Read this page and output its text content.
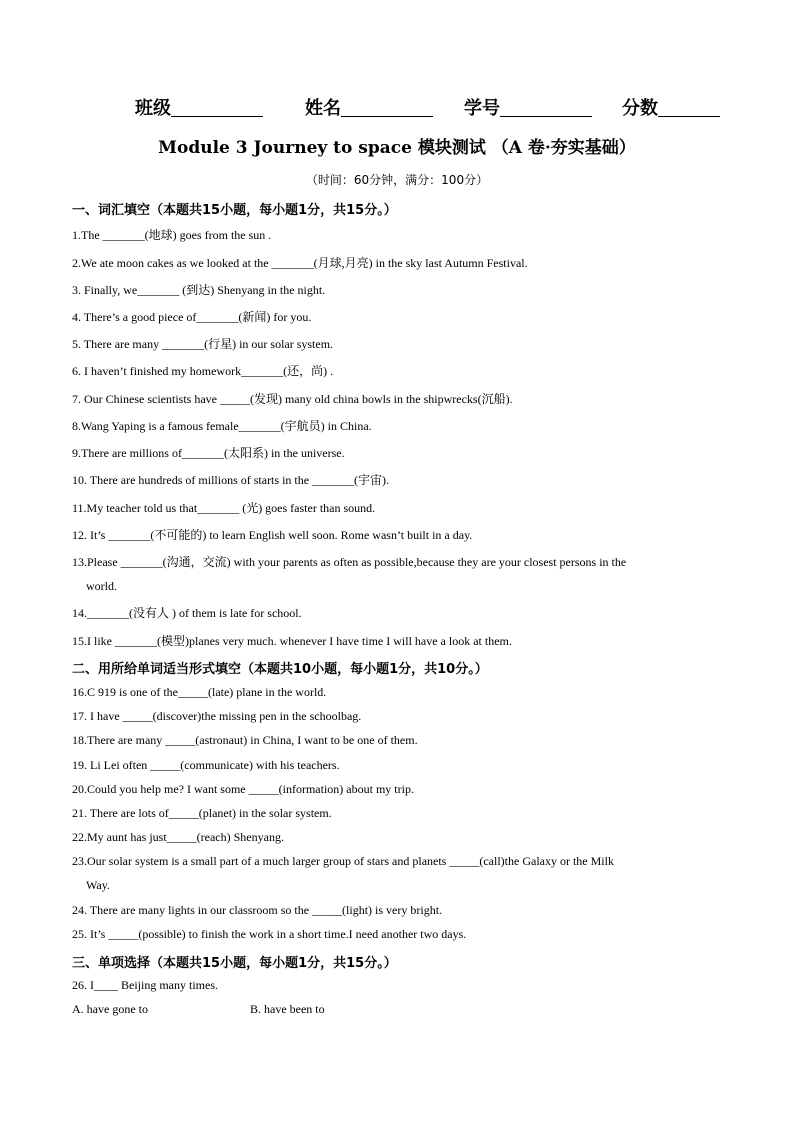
班级	姓名	学号	分数
Module 3 Journey to space 模块测试 （A 卷·夯实基础）
（时间：60分钟，满分：100分）
一、词汇填空（本题共15小题，每小题1分，共15分。）
1.The _______(地球) goes from the sun .
2.We ate moon cakes as we looked at the _______(月球,月亮) in the sky last Autumn Festival.
3. Finally, we_______ (到达) Shenyang in the night.
4. There’s a good piece of_______(新闻) for you.
5. There are many _______(行星) in our solar system.
6. I haven’t finished my homework_______(还，尚) .
7. Our Chinese scientists have _____(发现) many old china bowls in the shipwrecks(沉船).
8.Wang Yaping is a famous female_______(宇航员) in China.
9.There are millions of_______(太阳系) in the universe.
10. There are hundreds of millions of starts in the _______(宇宙).
11.My teacher told us that_______ (光) goes faster than sound.
12. It’s _______(不可能的) to learn English well soon. Rome wasn’t built in a day.
13.Please _______(沟通，交流) with your parents as often as possible,because they are your closest persons in the
world.
14._______(没有人 ) of them is late for school.
15.I like _______(模型)planes very much. whenever I have time I will have a look at them.
二、用所给单词适当形式填空（本题共10小题，每小题1分，共10分。）
16.C 919 is one of the_____(late) plane in the world.
17. I have _____(discover)the missing pen in the schoolbag.
18.There are many _____(astronaut) in China, I want to be one of them.
19. Li Lei often _____(communicate) with his teachers.
20.Could you help me? I want some _____(information) about my trip.
21. There are lots of_____(planet) in the solar system.
22.My aunt has just_____(reach) Shenyang.
23.Our solar system is a small part of a much larger group of stars and planets _____(call)the Galaxy or the Milk
Way.
24. There are many lights in our classroom so the _____(light) is very bright.
25. It’s _____(possible) to finish the work in a short time.I need another two days.
三、单项选择（本题共15小题，每小题1分，共15分。）
26. I____ Beijing many times.
A. have gone to	B. have been to
